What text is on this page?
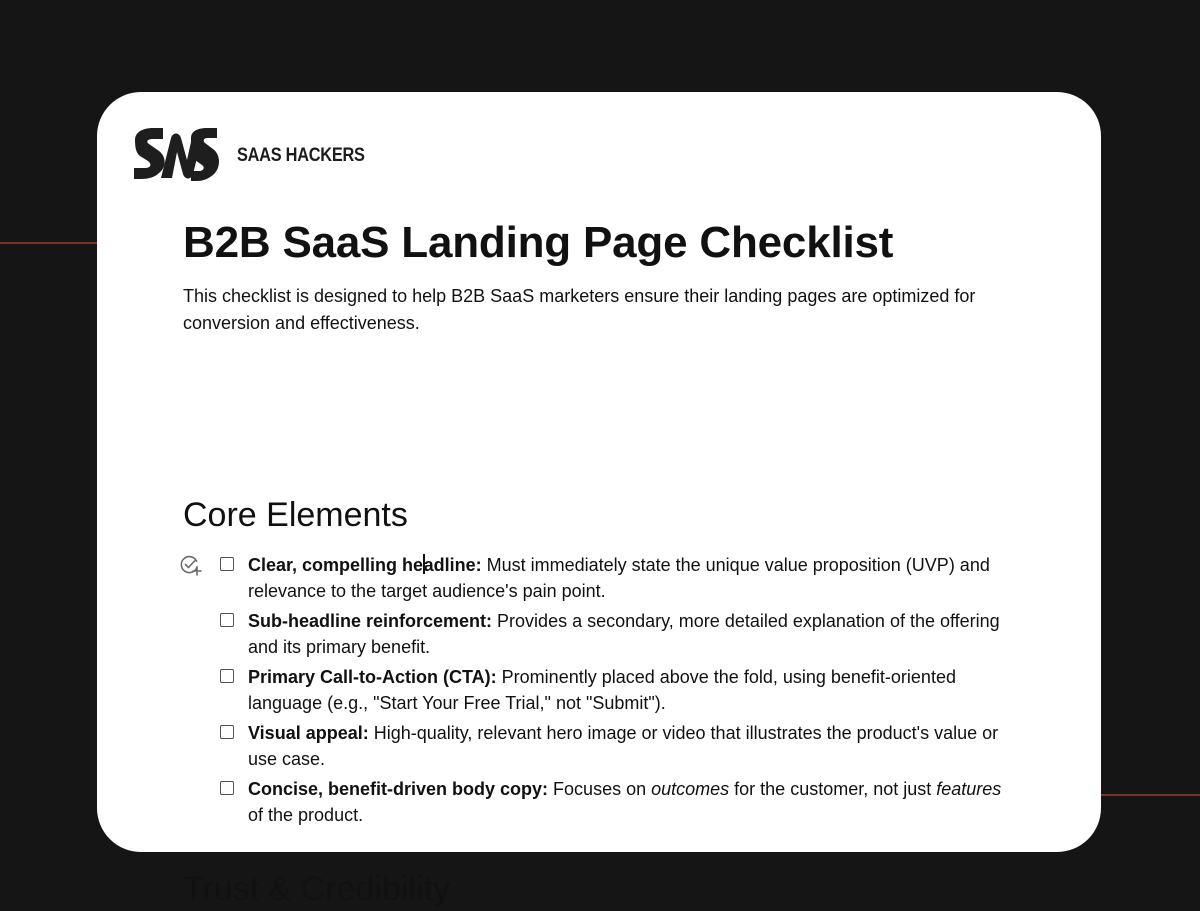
SAAS HACKERS
B2B SaaS Landing Page Checklist

This checklist is designed to help B2B SaaS marketers ensure their landing pages are optimized for conversion and effectiveness.

Core Elements
Clear, compelling headline: Must immediately state the unique value proposition (UVP) and relevance to the target audience's pain point.
Sub-headline reinforcement: Provides a secondary, more detailed explanation of the offering and its primary benefit.
Primary Call-to-Action (CTA): Prominently placed above the fold, using benefit-oriented language (e.g., "Start Your Free Trial," not "Submit").
Visual appeal: High-quality, relevant hero image or video that illustrates the product's value or use case.
Concise, benefit-driven body copy: Focuses on outcomes for the customer, not just features of the product.
Trust & Credibility
